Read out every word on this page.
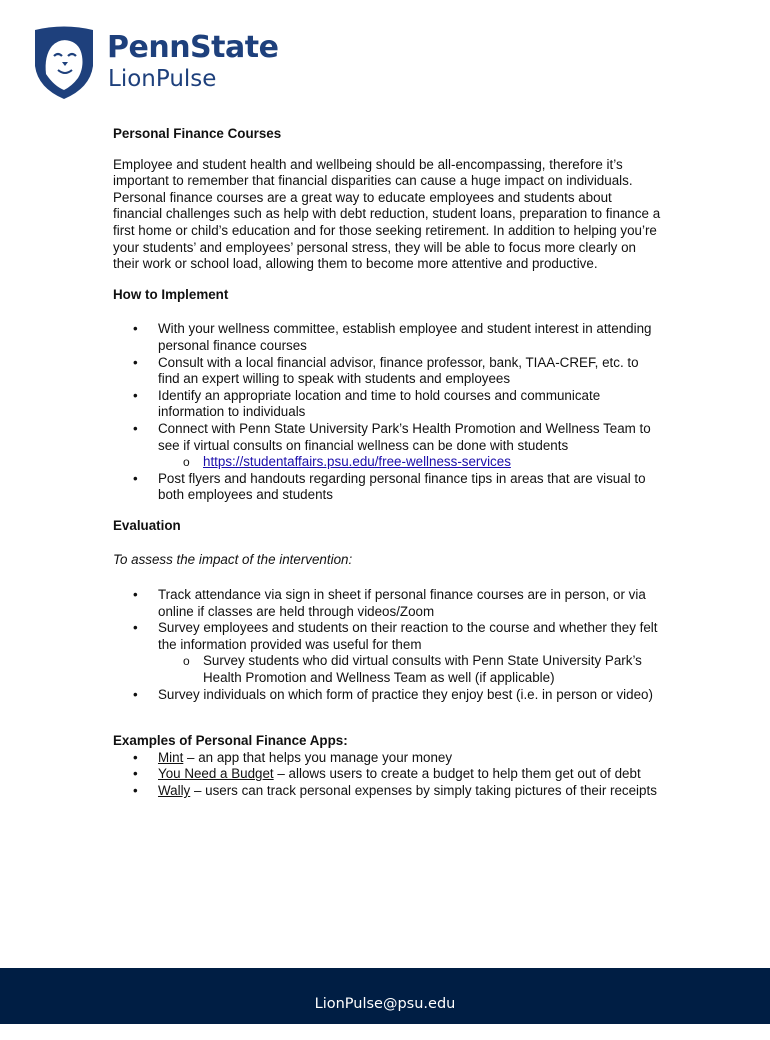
PennState
LionPulse

Personal Finance Courses

Employee and student health and wellbeing should be all-encompassing, therefore it’s important to remember that financial disparities can cause a huge impact on individuals. Personal finance courses are a great way to educate employees and students about financial challenges such as help with debt reduction, student loans, preparation to finance a first home or child’s education and for those seeking retirement. In addition to helping you’re your students’ and employees’ personal stress, they will be able to focus more clearly on their work or school load, allowing them to become more attentive and productive.

How to Implement

• With your wellness committee, establish employee and student interest in attending personal finance courses
• Consult with a local financial advisor, finance professor, bank, TIAA-CREF, etc. to find an expert willing to speak with students and employees
• Identify an appropriate location and time to hold courses and communicate information to individuals
• Connect with Penn State University Park’s Health Promotion and Wellness Team to see if virtual consults on financial wellness can be done with students
o https://studentaffairs.psu.edu/free-wellness-services
• Post flyers and handouts regarding personal finance tips in areas that are visual to both employees and students

Evaluation

To assess the impact of the intervention:

• Track attendance via sign in sheet if personal finance courses are in person, or via online if classes are held through videos/Zoom
• Survey employees and students on their reaction to the course and whether they felt the information provided was useful for them
o Survey students who did virtual consults with Penn State University Park’s Health Promotion and Wellness Team as well (if applicable)
• Survey individuals on which form of practice they enjoy best (i.e. in person or video)

Examples of Personal Finance Apps:

• Mint – an app that helps you manage your money
• You Need a Budget – allows users to create a budget to help them get out of debt
• Wally – users can track personal expenses by simply taking pictures of their receipts
LionPulse@psu.edu
